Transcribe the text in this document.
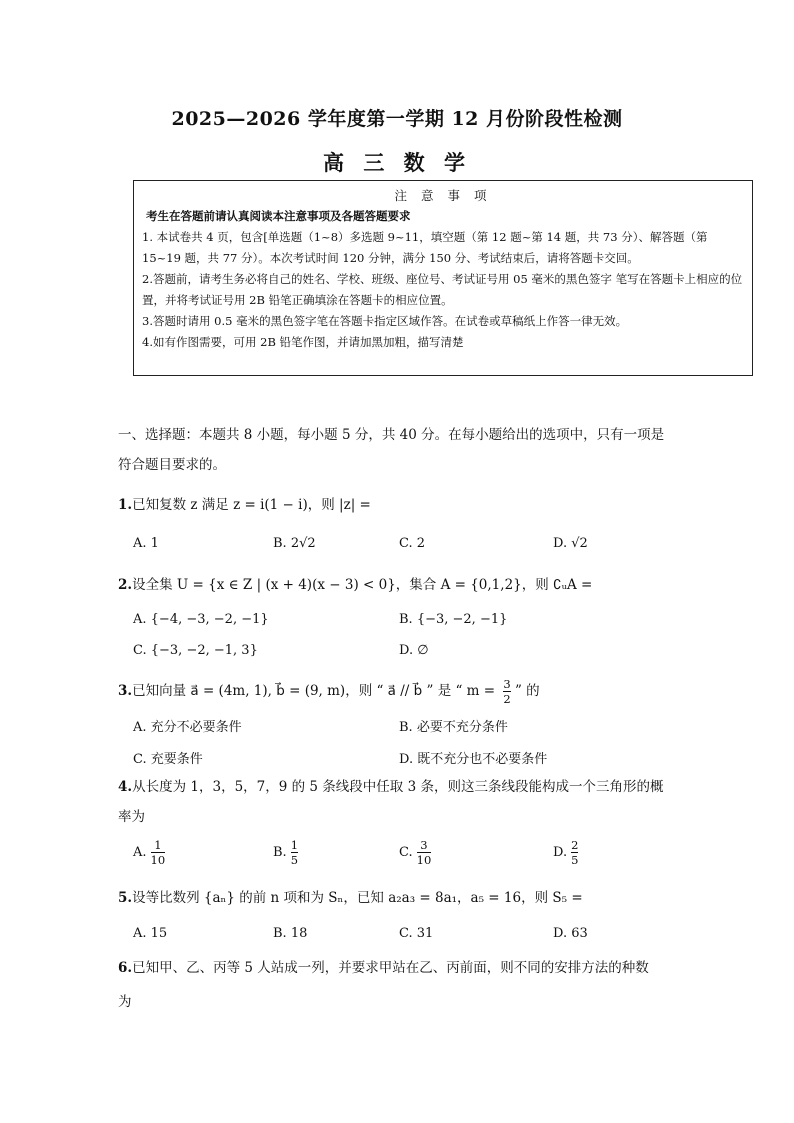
2025—2026 学年度第一学期 12 月份阶段性检测
高 三 数 学
注 意 事 项
考生在答题前请认真阅读本注意事项及各题答题要求

1. 本试卷共 4 页，包含[单选题（1~8）多选题 9~11，填空题（第 12 题~第 14 题，共 73 分）、解答题（第 15~19 题，共 77 分）。本次考试时间 120 分钟，满分 150 分、考试结束后，请将答题卡交回。

2.答题前，请考生务必将自己的姓名、学校、班级、座位号、考试证号用 05 毫米的黑色签字 笔写在答题卡上相应的位置，并将考试证号用 2B 铅笔正确填涂在答题卡的相应位置。

3.答题时请用 0.5 毫米的黑色签字笔在答题卡指定区域作答。在试卷或草稿纸上作答一律无效。

4.如有作图需要，可用 2B 铅笔作图，并请加黑加粗，描写清楚

一、选择题：本题共 8 小题，每小题 5 分，共 40 分。在每小题给出的选项中，只有一项是
符合题目要求的。
1.已知复数 z 满足 z = i(1 − i)，则 |z| =
A. 1	B. 2√2	C. 2	D. √2
2.设全集 U = {x ∈ Z | (x + 4)(x − 3) < 0}，集合 A = {0,1,2}，则 ∁ᵤA =
A. {−4, −3, −2, −1}	B. {−3, −2, −1}
C. {−3, −2, −1, 3}	D. ∅
3.已知向量 a⃗ = (4m, 1), b⃗ = (9, m)，则 “ a⃗ // b⃗ ” 是 “ $m = \frac{3}{2}$ ” 的
A. 充分不必要条件	B. 必要不充分条件
C. 充要条件	D. 既不充分也不必要条件
4.从长度为 1，3，5，7，9 的 5 条线段中任取 3 条，则这三条线段能构成一个三角形的概
率为
A. $\frac{1}{10}$	B. $\frac{1}{5}$	C. $\frac{3}{10}$	D. $\frac{2}{5}$
5.设等比数列 {aₙ} 的前 n 项和为 Sₙ，已知 a₂a₃ = 8a₁，a₅ = 16，则 S₅ =
A. 15	B. 18	C. 31	D. 63
6.已知甲、乙、丙等 5 人站成一列，并要求甲站在乙、丙前面，则不同的安排方法的种数
为
